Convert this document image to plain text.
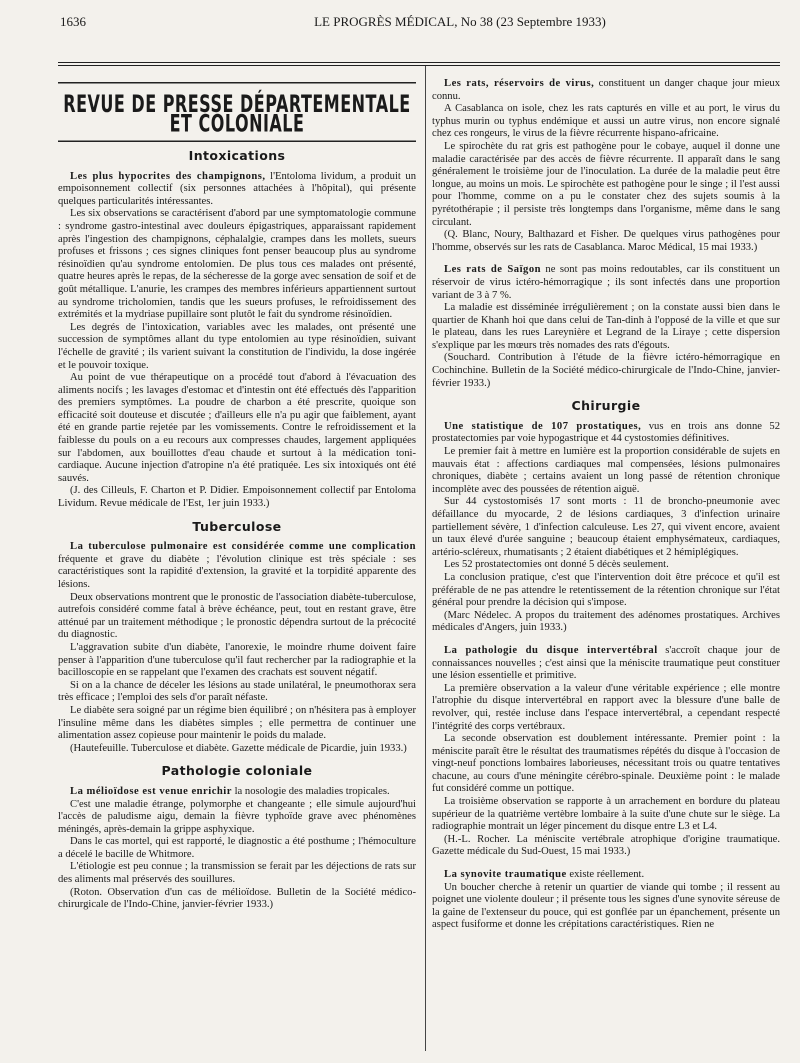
1636	LE PROGRÈS MÉDICAL, No 38 (23 Septembre 1933)
REVUE DE PRESSE DÉPARTEMENTALE ET COLONIALE
Intoxications

Les plus hypocrites des champignons, l'Entoloma lividum, a produit un empoisonnement collectif (six personnes attachées à l'hôpital), qui présente quelques particularités intéressantes.

Les six observations se caractérisent d'abord par une symptomatologie commune : syndrome gastro-intestinal avec douleurs épigastriques, apparaissant rapidement après l'ingestion des champignons, céphalalgie, crampes dans les mollets, sueurs profuses et frissons ; ces signes cliniques font penser beaucoup plus au syndrome résinoïdien qu'au syndrome entolomien. De plus tous ces malades ont présenté, quatre heures après le repas, de la sécheresse de la gorge avec sensation de soif et de goût métallique. L'anurie, les crampes des membres inférieurs appartiennent surtout au syndrome tricholomien, tandis que les sueurs profuses, le refroidissement des extrémités et la mydriase pupillaire sont plutôt le fait du syndrome résinoïdien.

Les degrés de l'intoxication, variables avec les malades, ont présenté une succession de symptômes allant du type entolomien au type résinoïdien, suivant l'échelle de gravité ; ils varient suivant la constitution de l'individu, la dose ingérée et le pouvoir toxique.

Au point de vue thérapeutique on a procédé tout d'abord à l'évacuation des aliments nocifs ; les lavages d'estomac et d'intestin ont été effectués dès l'apparition des premiers symptômes. La poudre de charbon a été prescrite, quoique son efficacité soit douteuse et discutée ; d'ailleurs elle n'a pu agir que faiblement, ayant été en grande partie rejetée par les vomissements. Contre le refroidissement et la faiblesse du pouls on a eu recours aux compresses chaudes, largement appliquées sur l'abdomen, aux bouillottes d'eau chaude et surtout à la médication toni-cardiaque. Aucune injection d'atropine n'a été pratiquée. Les six intoxiqués ont été sauvés.

(J. des Cilleuls, F. Charton et P. Didier. Empoisonnement collectif par Entoloma Lividum. Revue médicale de l'Est, 1er juin 1933.)

Tuberculose

La tuberculose pulmonaire est considérée comme une complication fréquente et grave du diabète ; l'évolution clinique est très spéciale : ses caractéristiques sont la rapidité d'extension, la gravité et la torpidité apparente des lésions.

Deux observations montrent que le pronostic de l'association diabète-tuberculose, autrefois considéré comme fatal à brève échéance, peut, tout en restant grave, être atténué par un traitement méthodique ; le pronostic dépendra surtout de la précocité du diagnostic.

L'aggravation subite d'un diabète, l'anorexie, le moindre rhume doivent faire penser à l'apparition d'une tuberculose qu'il faut rechercher par la radiographie et la bacilloscopie en se rappelant que l'examen des crachats est souvent négatif.

Si on a la chance de déceler les lésions au stade unilatéral, le pneumothorax sera très efficace ; l'emploi des sels d'or paraît néfaste.

Le diabète sera soigné par un régime bien équilibré ; on n'hésitera pas à employer l'insuline même dans les diabètes simples ; elle permettra de continuer une alimentation assez copieuse pour maintenir le poids du malade.

(Hautefeuille. Tuberculose et diabète. Gazette médicale de Picardie, juin 1933.)

Pathologie coloniale

La mélioïdose est venue enrichir la nosologie des maladies tropicales.

C'est une maladie étrange, polymorphe et changeante ; elle simule aujourd'hui l'accès de paludisme aigu, demain la fièvre typhoïde grave avec phénomènes méningés, après-demain la grippe asphyxique.

Dans le cas mortel, qui est rapporté, le diagnostic a été posthume ; l'hémoculture a décelé le bacille de Whitmore.

L'étiologie est peu connue ; la transmission se ferait par les déjections de rats sur des aliments mal préservés des souillures.

(Roton. Observation d'un cas de mélioïdose. Bulletin de la Société médico-chirurgicale de l'Indo-Chine, janvier-février 1933.)

Les rats, réservoirs de virus, constituent un danger chaque jour mieux connu.

A Casablanca on isole, chez les rats capturés en ville et au port, le virus du typhus murin ou typhus endémique et aussi un autre virus, non encore signalé chez ces rongeurs, le virus de la fièvre récurrente hispano-africaine.

Le spirochète du rat gris est pathogène pour le cobaye, auquel il donne une maladie caractérisée par des accès de fièvre récurrente. Il apparaît dans le sang généralement le troisième jour de l'inoculation. La durée de la maladie peut être longue, au moins un mois. Le spirochète est pathogène pour le singe ; il l'est aussi pour l'homme, comme on a pu le constater chez des sujets soumis à la pyrétothérapie ; il persiste très longtemps dans l'organisme, même dans le sang circulant.

(Q. Blanc, Noury, Balthazard et Fisher. De quelques virus pathogènes pour l'homme, observés sur les rats de Casablanca. Maroc Médical, 15 mai 1933.)

Les rats de Saïgon ne sont pas moins redoutables, car ils constituent un réservoir de virus ictéro-hémorragique ; ils sont infectés dans une proportion variant de 3 à 7 %.

La maladie est disséminée irrégulièrement ; on la constate aussi bien dans le quartier de Khanh hoi que dans celui de Tan-dinh à l'opposé de la ville et que sur le plateau, dans les rues Lareynière et Legrand de la Liraye ; cette dispersion s'explique par les mœurs très nomades des rats d'égouts.

(Souchard. Contribution à l'étude de la fièvre ictéro-hémorragique en Cochinchine. Bulletin de la Société médico-chirurgicale de l'Indo-Chine, janvier-février 1933.)

Chirurgie

Une statistique de 107 prostatiques, vus en trois ans donne 52 prostatectomies par voie hypogastrique et 44 cystostomies définitives.

Le premier fait à mettre en lumière est la proportion considérable de sujets en mauvais état : affections cardiaques mal compensées, lésions pulmonaires chroniques, diabète ; certains avaient un long passé de rétention chronique incomplète avec des poussées de rétention aiguë.

Sur 44 cystostomisés 17 sont morts : 11 de broncho-pneumonie avec défaillance du myocarde, 2 de lésions cardiaques, 3 d'infection urinaire partiellement sévère, 1 d'infection calculeuse. Les 27, qui vivent encore, avaient un taux élevé d'urée sanguine ; beaucoup étaient emphysémateux, cardiaques, artério-scléreux, rhumatisants ; 2 étaient diabétiques et 2 hémiplégiques.

Les 52 prostatectomies ont donné 5 décès seulement.

La conclusion pratique, c'est que l'intervention doit être précoce et qu'il est préférable de ne pas attendre le retentissement de la rétention chronique sur l'état général pour prendre la décision qui s'impose.

(Marc Nédelec. A propos du traitement des adénomes prostatiques. Archives médicales d'Angers, juin 1933.)

La pathologie du disque intervertébral s'accroît chaque jour de connaissances nouvelles ; c'est ainsi que la méniscite traumatique peut constituer une lésion essentielle et primitive.

La première observation a la valeur d'une véritable expérience ; elle montre l'atrophie du disque intervertébral en rapport avec la blessure d'une balle de revolver, qui, restée incluse dans l'espace intervertébral, a cependant respecté l'intégrité des corps vertébraux.

La seconde observation est doublement intéressante. Premier point : la méniscite paraît être le résultat des traumatismes répétés du disque à l'occasion de vingt-neuf ponctions lombaires laborieuses, nécessitant trois ou quatre tentatives chacune, au cours d'une méningite cérébro-spinale. Deuxième point : le malade fut considéré comme un pottique.

La troisième observation se rapporte à un arrachement en bordure du plateau supérieur de la quatrième vertèbre lombaire à la suite d'une chute sur le siège. La radiographie montrait un léger pincement du disque entre L3 et L4.

(H.-L. Rocher. La méniscite vertébrale atrophique d'origine traumatique. Gazette médicale du Sud-Ouest, 15 mai 1933.)

La synovite traumatique existe réellement.

Un boucher cherche à retenir un quartier de viande qui tombe ; il ressent au poignet une violente douleur ; il présente tous les signes d'une synovite séreuse de la gaine de l'extenseur du pouce, qui est gonflée par un épanchement, présente un aspect fusiforme et donne les crépitations caractéristiques. Rien ne
